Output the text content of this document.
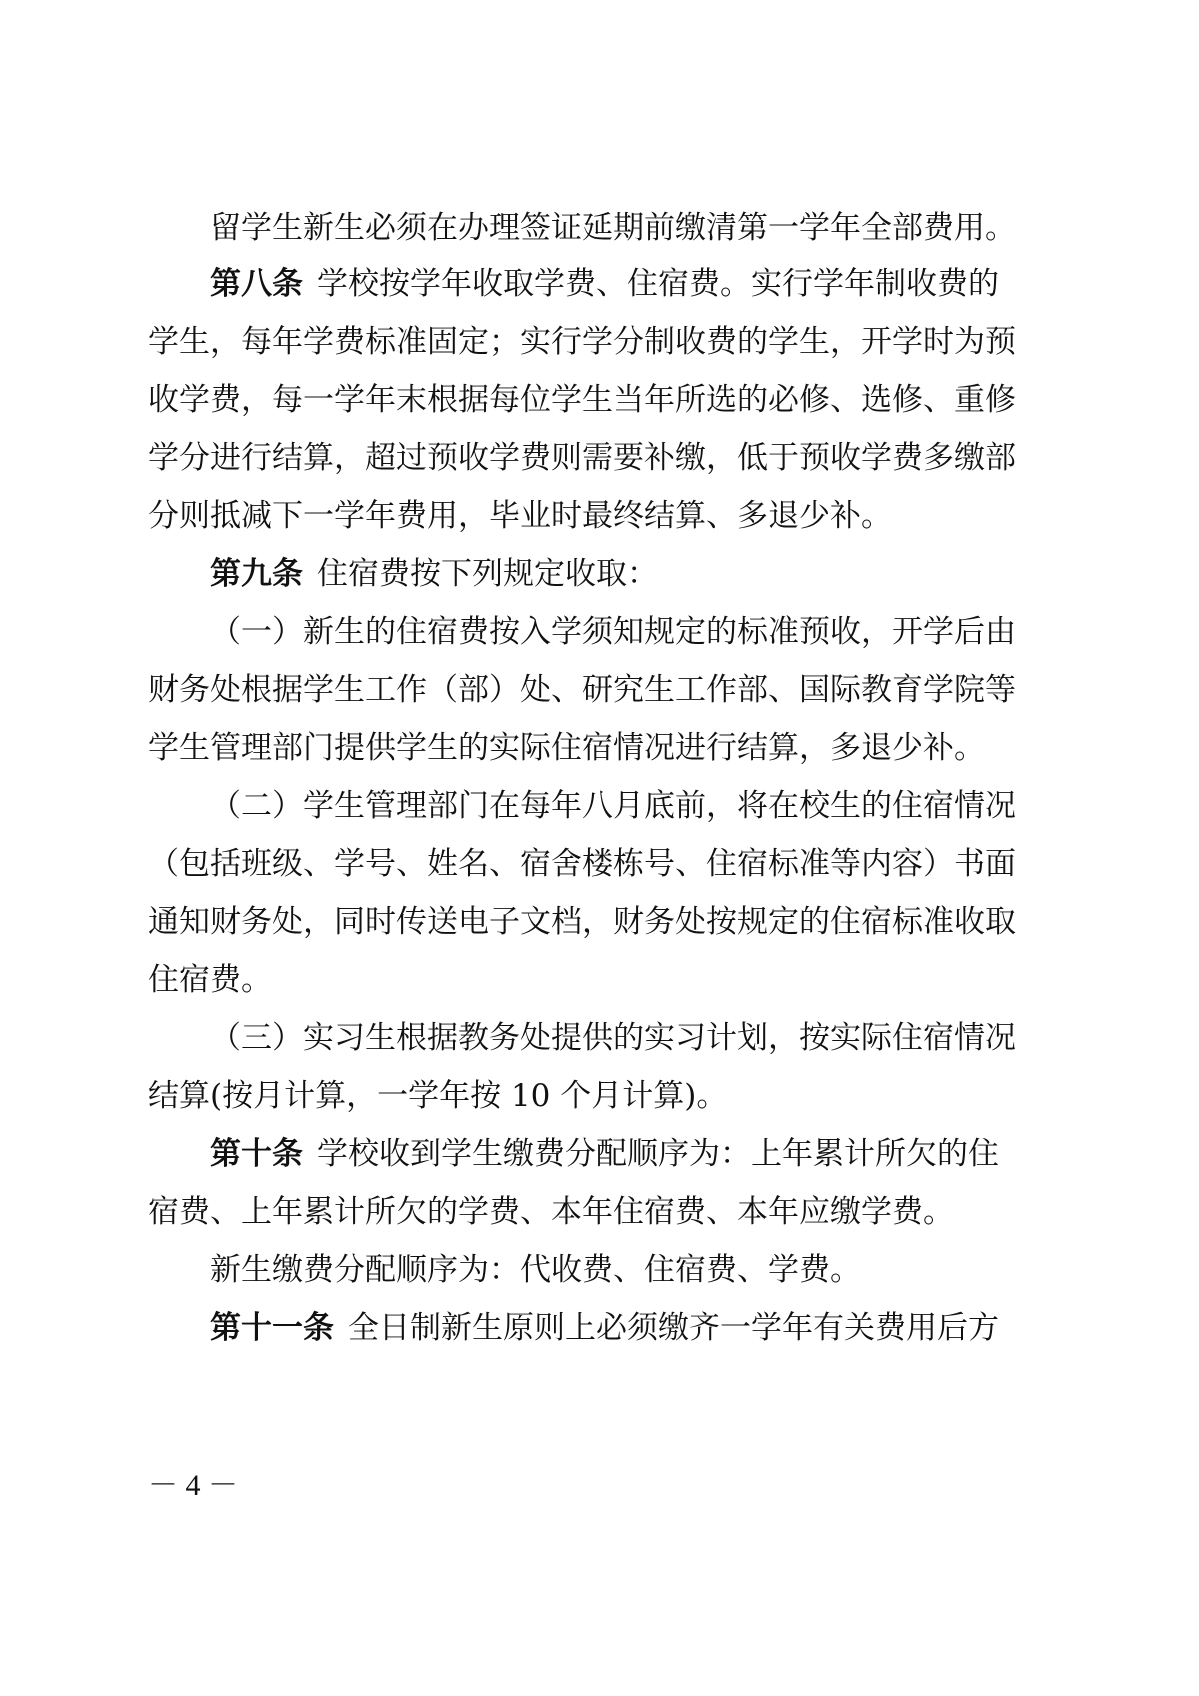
留学生新生必须在办理签证延期前缴清第一学年全部费用。
第八条 学校按学年收取学费、住宿费。实行学年制收费的
学生，每年学费标准固定；实行学分制收费的学生，开学时为预
收学费，每一学年末根据每位学生当年所选的必修、选修、重修
学分进行结算，超过预收学费则需要补缴，低于预收学费多缴部
分则抵减下一学年费用，毕业时最终结算、多退少补。
第九条 住宿费按下列规定收取：
（一）新生的住宿费按入学须知规定的标准预收，开学后由
财务处根据学生工作（部）处、研究生工作部、国际教育学院等
学生管理部门提供学生的实际住宿情况进行结算，多退少补。
（二）学生管理部门在每年八月底前，将在校生的住宿情况
（包括班级、学号、姓名、宿舍楼栋号、住宿标准等内容）书面
通知财务处，同时传送电子文档，财务处按规定的住宿标准收取
住宿费。
（三）实习生根据教务处提供的实习计划，按实际住宿情况
结算(按月计算，一学年按 10 个月计算)。
第十条 学校收到学生缴费分配顺序为：上年累计所欠的住
宿费、上年累计所欠的学费、本年住宿费、本年应缴学费。
新生缴费分配顺序为：代收费、住宿费、学费。
第十一条 全日制新生原则上必须缴齐一学年有关费用后方
－ 4 －
